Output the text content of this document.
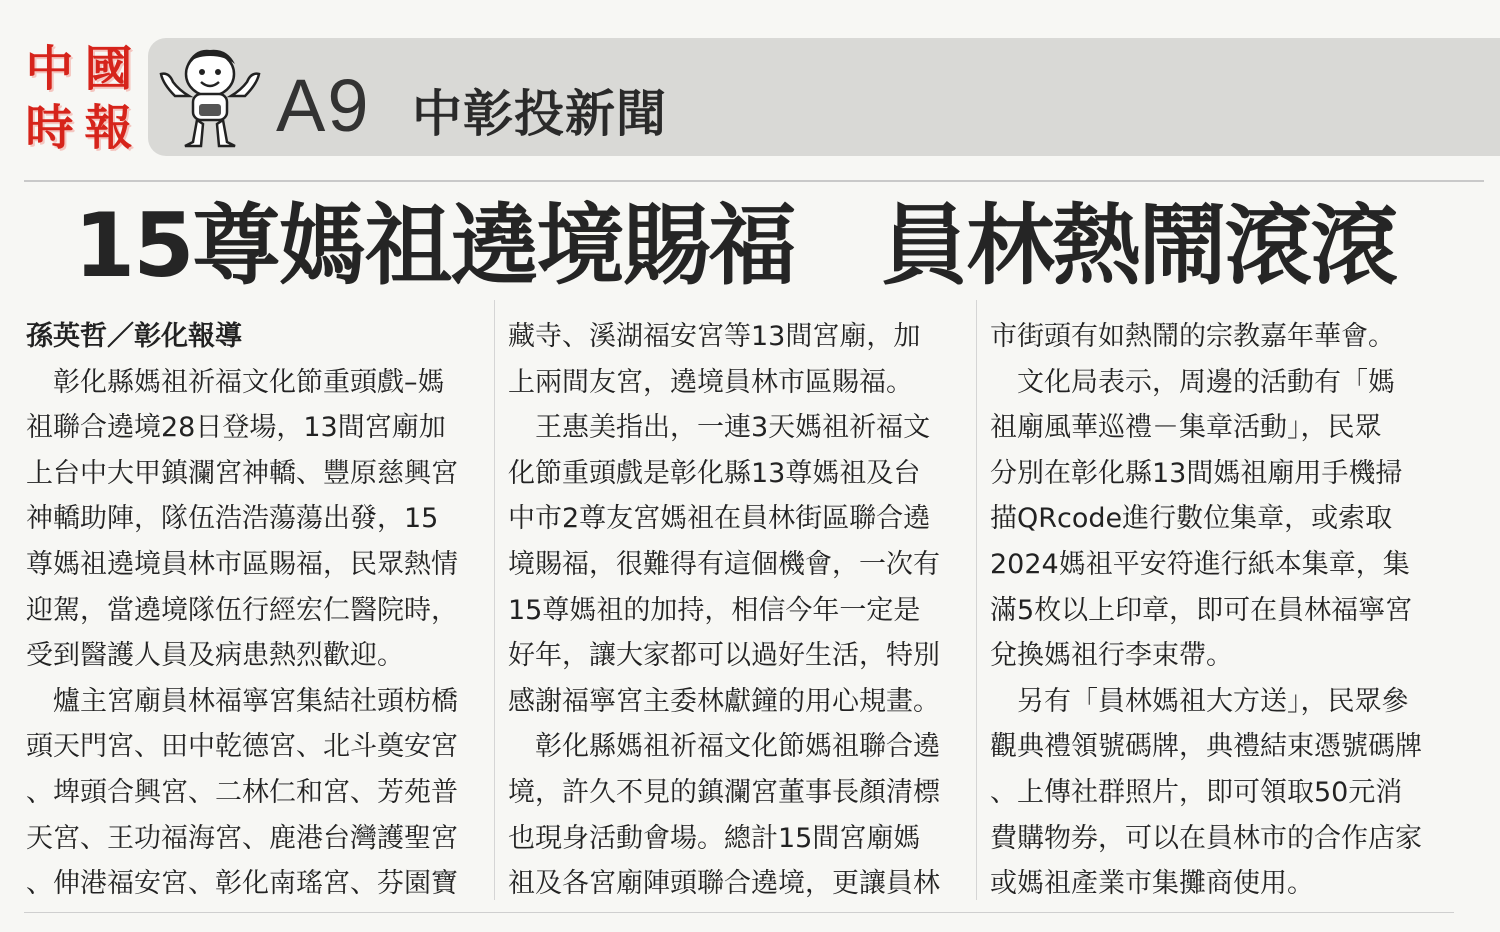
中 國
時 報 A9 中彰投新聞
15尊媽祖遶境賜福　員林熱鬧滾滾
孫英哲／彰化報導
　彰化縣媽祖祈福文化節重頭戲–媽
祖聯合遶境28日登場，13間宮廟加
上台中大甲鎮瀾宮神轎、豐原慈興宮
神轎助陣，隊伍浩浩蕩蕩出發，15
尊媽祖遶境員林市區賜福，民眾熱情
迎駕，當遶境隊伍行經宏仁醫院時，
受到醫護人員及病患熱烈歡迎。
　爐主宮廟員林福寧宮集結社頭枋橋
頭天門宮、田中乾德宮、北斗奠安宮
、埤頭合興宮、二林仁和宮、芳苑普
天宮、王功福海宮、鹿港台灣護聖宮
、伸港福安宮、彰化南瑤宮、芬園寶
藏寺、溪湖福安宮等13間宮廟，加
上兩間友宮，遶境員林市區賜福。
　王惠美指出，一連3天媽祖祈福文
化節重頭戲是彰化縣13尊媽祖及台
中市2尊友宮媽祖在員林街區聯合遶
境賜福，很難得有這個機會，一次有
15尊媽祖的加持，相信今年一定是
好年，讓大家都可以過好生活，特別
感謝福寧宮主委林獻鐘的用心規畫。
　彰化縣媽祖祈福文化節媽祖聯合遶
境，許久不見的鎮瀾宮董事長顏清標
也現身活動會場。總計15間宮廟媽
祖及各宮廟陣頭聯合遶境，更讓員林
市街頭有如熱鬧的宗教嘉年華會。
　文化局表示，周邊的活動有「媽
祖廟風華巡禮－集章活動」，民眾
分別在彰化縣13間媽祖廟用手機掃
描QRcode進行數位集章，或索取
2024媽祖平安符進行紙本集章，集
滿5枚以上印章，即可在員林福寧宮
兌換媽祖行李束帶。
　另有「員林媽祖大方送」，民眾參
觀典禮領號碼牌，典禮結束憑號碼牌
、上傳社群照片，即可領取50元消
費購物券，可以在員林市的合作店家
或媽祖產業市集攤商使用。
